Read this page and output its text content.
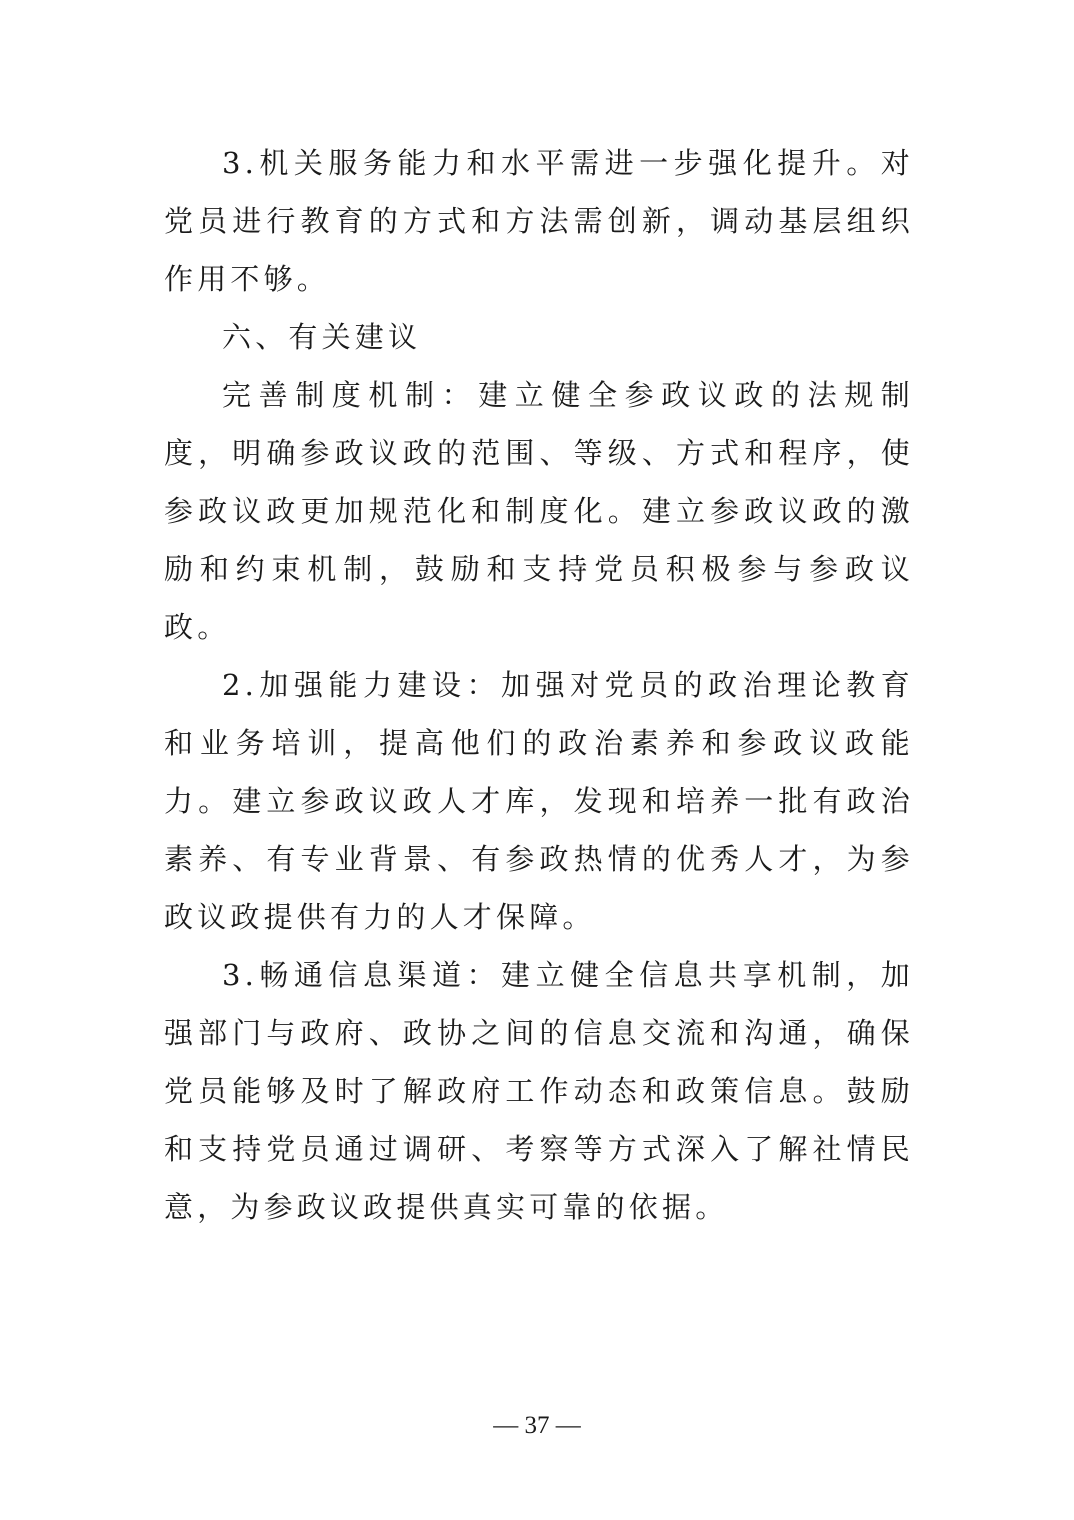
3.机关服务能力和水平需进一步强化提升。对党员进行教育的方式和方法需创新，调动基层组织作用不够。

六、有关建议

完善制度机制：建立健全参政议政的法规制度，明确参政议政的范围、等级、方式和程序，使参政议政更加规范化和制度化。建立参政议政的激励和约束机制，鼓励和支持党员积极参与参政议政。

2.加强能力建设：加强对党员的政治理论教育和业务培训，提高他们的政治素养和参政议政能力。建立参政议政人才库，发现和培养一批有政治素养、有专业背景、有参政热情的优秀人才，为参政议政提供有力的人才保障。

3.畅通信息渠道：建立健全信息共享机制，加强部门与政府、政协之间的信息交流和沟通，确保党员能够及时了解政府工作动态和政策信息。鼓励和支持党员通过调研、考察等方式深入了解社情民意，为参政议政提供真实可靠的依据。

— 37 —
